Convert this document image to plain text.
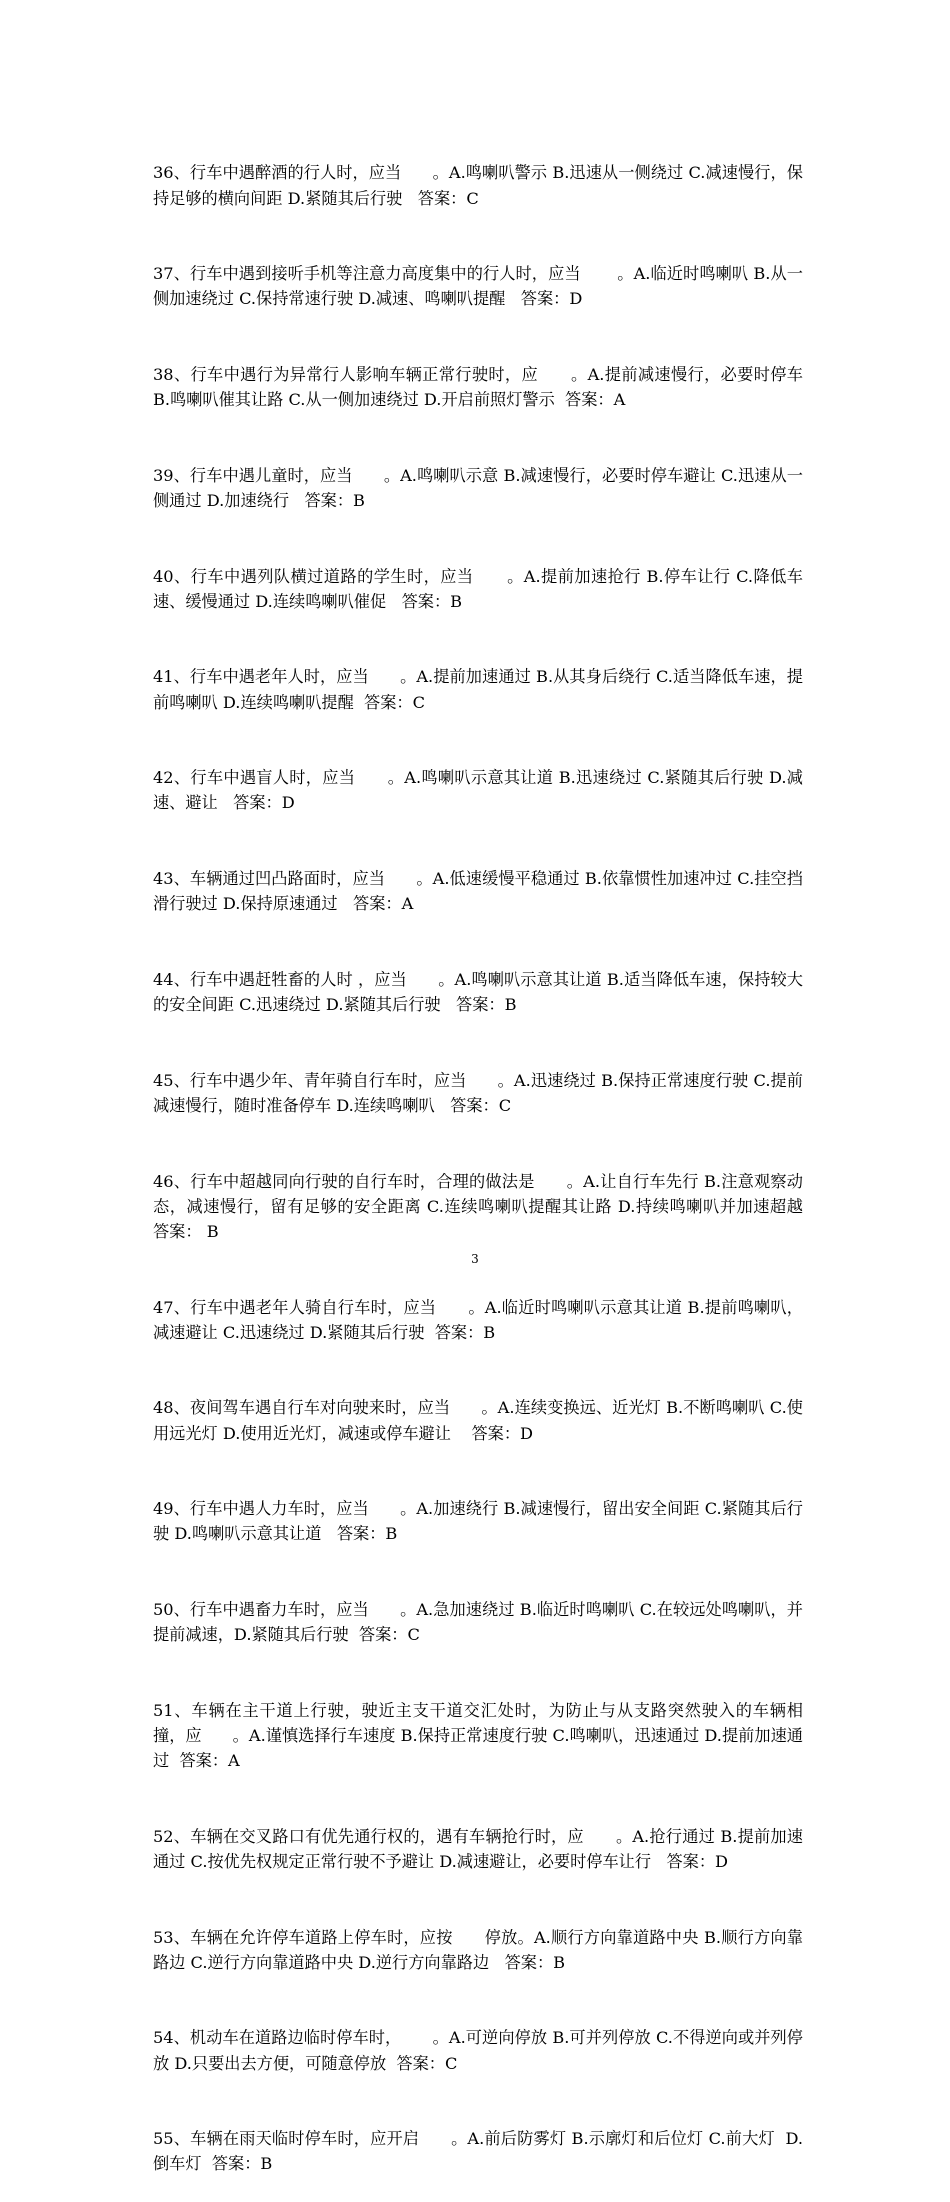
36、行车中遇醉酒的行人时，应当      。A.鸣喇叭警示 B.迅速从一侧绕过 C.减速慢行，保持足够的横向间距 D.紧随其后行驶   答案：C

37、行车中遇到接听手机等注意力高度集中的行人时，应当       。A.临近时鸣喇叭 B.从一侧加速绕过 C.保持常速行驶 D.减速、鸣喇叭提醒   答案：D

38、行车中遇行为异常行人影响车辆正常行驶时，应      。A.提前减速慢行，必要时停车 B.鸣喇叭催其让路 C.从一侧加速绕过 D.开启前照灯警示  答案：A

39、行车中遇儿童时，应当      。A.鸣喇叭示意 B.减速慢行，必要时停车避让 C.迅速从一侧通过 D.加速绕行   答案：B

40、行车中遇列队横过道路的学生时，应当      。A.提前加速抢行 B.停车让行 C.降低车速、缓慢通过 D.连续鸣喇叭催促   答案：B

41、行车中遇老年人时，应当      。A.提前加速通过 B.从其身后绕行 C.适当降低车速，提前鸣喇叭 D.连续鸣喇叭提醒  答案：C

42、行车中遇盲人时，应当      。A.鸣喇叭示意其让道 B.迅速绕过 C.紧随其后行驶 D.减速、避让   答案：D

43、车辆通过凹凸路面时，应当      。A.低速缓慢平稳通过 B.依靠惯性加速冲过 C.挂空挡滑行驶过 D.保持原速通过   答案：A

44、行车中遇赶牲畜的人时 ，应当      。A.鸣喇叭示意其让道 B.适当降低车速，保持较大的安全间距 C.迅速绕过 D.紧随其后行驶   答案：B

45、行车中遇少年、青年骑自行车时，应当      。A.迅速绕过 B.保持正常速度行驶 C.提前减速慢行，随时准备停车 D.连续鸣喇叭   答案：C

46、行车中超越同向行驶的自行车时，合理的做法是      。A.让自行车先行 B.注意观察动态，减速慢行，留有足够的安全距离 C.连续鸣喇叭提醒其让路 D.持续鸣喇叭并加速超越   答案： B

47、行车中遇老年人骑自行车时，应当      。A.临近时鸣喇叭示意其让道 B.提前鸣喇叭，减速避让 C.迅速绕过 D.紧随其后行驶  答案：B

48、夜间驾车遇自行车对向驶来时，应当      。A.连续变换远、近光灯 B.不断鸣喇叭 C.使用远光灯 D.使用近光灯，减速或停车避让    答案：D

49、行车中遇人力车时，应当      。A.加速绕行 B.减速慢行，留出安全间距 C.紧随其后行驶 D.鸣喇叭示意其让道   答案：B

50、行车中遇畜力车时，应当      。A.急加速绕过 B.临近时鸣喇叭 C.在较远处鸣喇叭，并提前减速，D.紧随其后行驶  答案：C

51、车辆在主干道上行驶，驶近主支干道交汇处时，为防止与从支路突然驶入的车辆相撞，应      。A.谨慎选择行车速度 B.保持正常速度行驶 C.鸣喇叭，迅速通过 D.提前加速通过  答案：A

52、车辆在交叉路口有优先通行权的，遇有车辆抢行时，应      。A.抢行通过 B.提前加速通过 C.按优先权规定正常行驶不予避让 D.减速避让，必要时停车让行   答案：D

53、车辆在允许停车道路上停车时，应按      停放。A.顺行方向靠道路中央 B.顺行方向靠路边 C.逆行方向靠道路中央 D.逆行方向靠路边   答案：B

54、机动车在道路边临时停车时，      。A.可逆向停放 B.可并列停放 C.不得逆向或并列停放 D.只要出去方便，可随意停放  答案：C

55、车辆在雨天临时停车时，应开启      。A.前后防雾灯 B.示廓灯和后位灯 C.前大灯  D.倒车灯  答案：B

3
